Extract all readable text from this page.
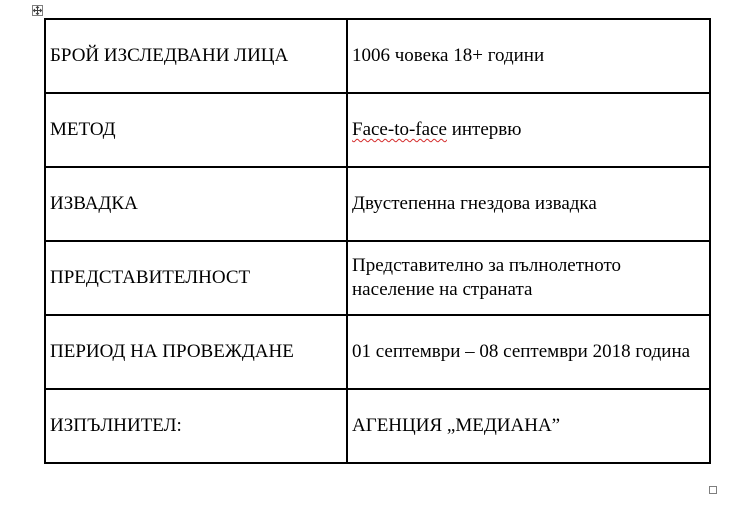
БРОЙ ИЗСЛЕДВАНИ ЛИЦА	1006 човека 18+ години
МЕТОД	Face-to-face интервю
ИЗВАДКА	Двустепенна гнездова извадка
ПРЕДСТАВИТЕЛНОСТ	Представително за пълнолетното население на страната
ПЕРИОД НА ПРОВЕЖДАНЕ	01 септември – 08 септември 2018 година
ИЗПЪЛНИТЕЛ:	АГЕНЦИЯ „МЕДИАНА”
